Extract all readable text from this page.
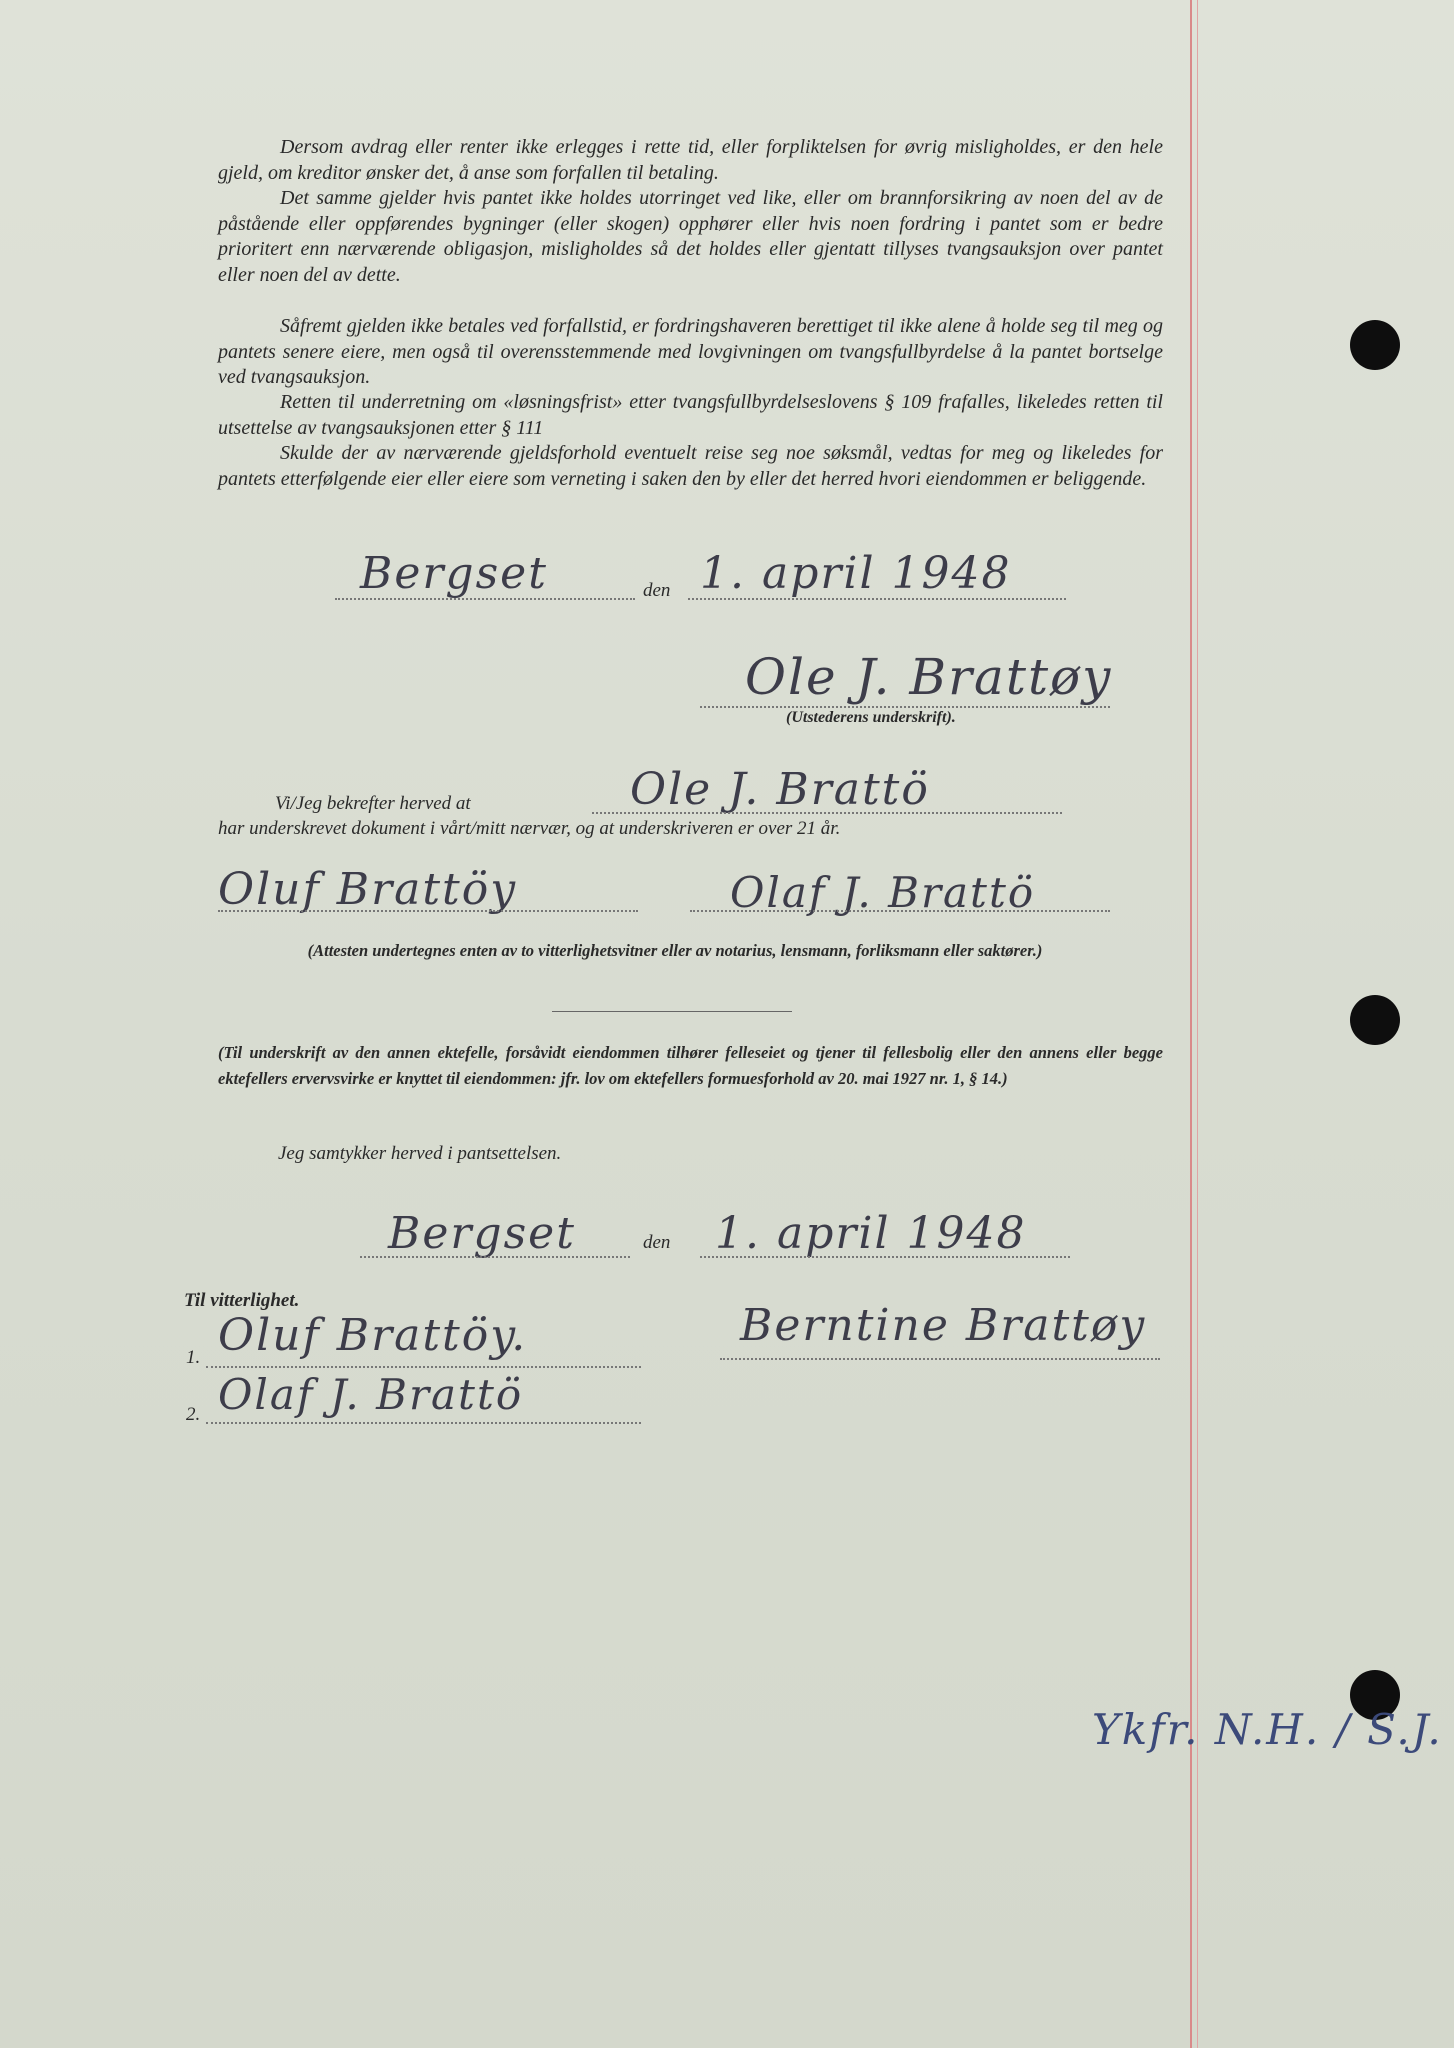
Dersom avdrag eller renter ikke erlegges i rette tid, eller forpliktelsen for øvrig misligholdes, er den hele gjeld, om kreditor ønsker det, å anse som forfallen til betaling.

Det samme gjelder hvis pantet ikke holdes utorringet ved like, eller om brannforsikring av noen del av de påstående eller oppførendes bygninger (eller skogen) opphører eller hvis noen fordring i pantet som er bedre prioritert enn nærværende obligasjon, misligholdes så det holdes eller gjentatt tillyses tvangsauksjon over pantet eller noen del av dette.

Såfremt gjelden ikke betales ved forfallstid, er fordringshaveren berettiget til ikke alene å holde seg til meg og pantets senere eiere, men også til overensstemmende med lovgivningen om tvangsfullbyrdelse å la pantet bortselge ved tvangsauksjon.

Retten til underretning om «løsningsfrist» etter tvangsfullbyrdelseslovens § 109 frafalles, likeledes retten til utsettelse av tvangsauksjonen etter § 111

Skulde der av nærværende gjeldsforhold eventuelt reise seg noe søksmål, vedtas for meg og likeledes for pantets etterfølgende eier eller eiere som verneting i saken den by eller det herred hvori eiendommen er beliggende.

Bergset	den 1. april 1948
Ole J. Brattøy
(Utstederens underskrift).
Vi/Jeg bekrefter herved at	Ole J. Brattö
har underskrevet dokument i vårt/mitt nærvær, og at underskriveren er over 21 år.
Oluf Brattöy	Olaf J. Brattö
(Attesten undertegnes enten av to vitterlighetsvitner eller av notarius, lensmann, forliksmann eller saktører.)
(Til underskrift av den annen ektefelle, forsåvidt eiendommen tilhører felleseiet og tjener til fellesbolig eller den annens eller begge ektefellers ervervsvirke er knyttet til eiendommen: jfr. lov om ektefellers formuesforhold av 20. mai 1927 nr. 1, § 14.)
Jeg samtykker herved i pantsettelsen.
Bergset	den 1. april 1948
Til vitterlighet.
1. Oluf Brattöy.
2. Olaf J. Brattö
Berntine Brattøy
Ykfr. N.H. / S.J.
